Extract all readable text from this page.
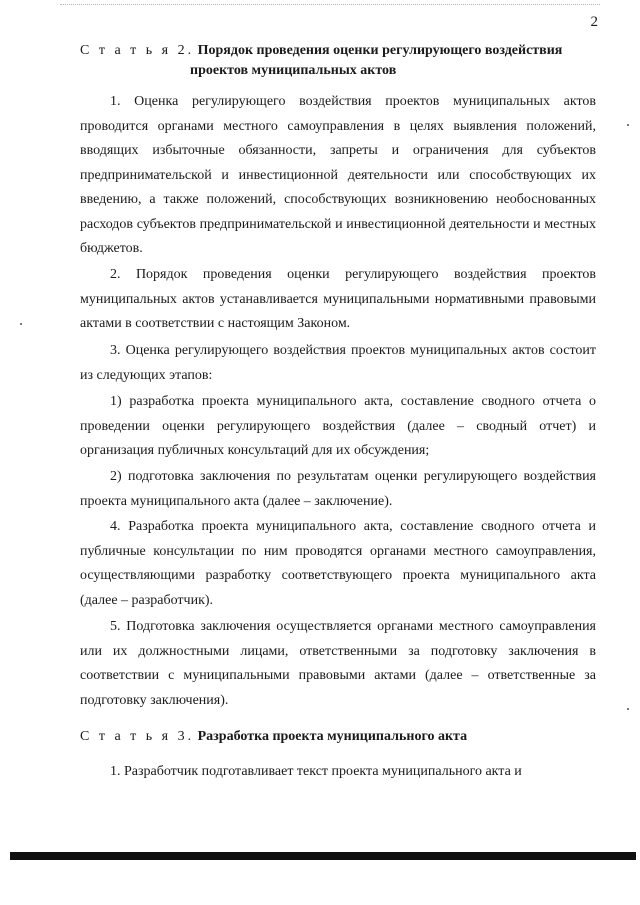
2
С т а т ь я 2. Порядок проведения оценки регулирующего воздействия
проектов муниципальных актов
1. Оценка регулирующего воздействия проектов муниципальных актов проводится органами местного самоуправления в целях выявления положений, вводящих избыточные обязанности, запреты и ограничения для субъектов предпринимательской и инвестиционной деятельности или способствующих их введению, а также положений, способствующих возникновению необоснованных расходов субъектов предпринимательской и инвестиционной деятельности и местных бюджетов.
2. Порядок проведения оценки регулирующего воздействия проектов муниципальных актов устанавливается муниципальными нормативными правовыми актами в соответствии с настоящим Законом.
3. Оценка регулирующего воздействия проектов муниципальных актов состоит из следующих этапов:
1) разработка проекта муниципального акта, составление сводного отчета о проведении оценки регулирующего воздействия (далее – сводный отчет) и организация публичных консультаций для их обсуждения;
2) подготовка заключения по результатам оценки регулирующего воздействия проекта муниципального акта (далее – заключение).
4. Разработка проекта муниципального акта, составление сводного отчета и публичные консультации по ним проводятся органами местного самоуправления, осуществляющими разработку соответствующего проекта муниципального акта (далее – разработчик).
5. Подготовка заключения осуществляется органами местного самоуправления или их должностными лицами, ответственными за подготовку заключения в соответствии с муниципальными правовыми актами (далее – ответственные за подготовку заключения).
С т а т ь я 3. Разработка проекта муниципального акта
1. Разработчик подготавливает текст проекта муниципального акта и
